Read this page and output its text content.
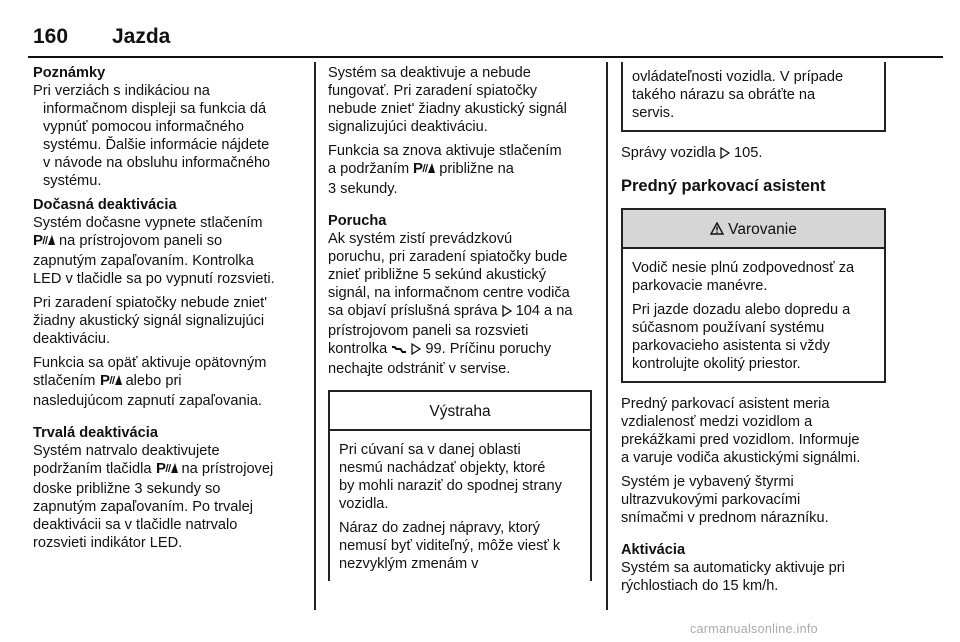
160 Jazda

Poznámky
Pri verziách s indikáciou na
informačnom displeji sa funkcia dá
vypnúť pomocou informačného
systému. Ďalšie informácie nájdete
v návode na obsluhu informačného
systému.

Dočasná deaktivácia
Systém dočasne vypnete stlačením
P na prístrojovom paneli so
zapnutým zapaľovaním. Kontrolka
LED v tlačidle sa po vypnutí rozsvieti.

Pri zaradení spiatočky nebude zniet'
žiadny akustický signál signalizujúci
deaktiváciu.

Funkcia sa opäť aktivuje opätovným
stlačením P alebo pri
nasledujúcom zapnutí zapaľovania.

Trvalá deaktivácia
Systém natrvalo deaktivujete
podržaním tlačidla P na prístrojovej
doske približne 3 sekundy so
zapnutým zapaľovaním. Po trvalej
deaktivácii sa v tlačidle natrvalo
rozsvieti indikátor LED.

Systém sa deaktivuje a nebude
fungovať. Pri zaradení spiatočky
nebude zniet' žiadny akustický signál
signalizujúci deaktiváciu.

Funkcia sa znova aktivuje stlačením
a podržaním P približne na
3 sekundy.

Porucha
Ak systém zistí prevádzkovú
poruchu, pri zaradení spiatočky bude
znieť približne 5 sekúnd akustický
signál, na informačnom centre vodiča
sa objaví príslušná správa  104 a na
prístrojovom paneli sa rozsvieti
kontrolka   99. Príčinu poruchy
nechajte odstrániť v servise.

Výstraha

Pri cúvaní sa v danej oblasti
nesmú nachádzať objekty, ktoré
by mohli naraziť do spodnej strany
vozidla.

Náraz do zadnej nápravy, ktorý
nemusí byť viditeľný, môže viesť k
nezvyklým zmenám v

ovládateľnosti vozidla. V prípade
takého nárazu sa obráťte na
servis.

Správy vozidla  105.

Predný parkovací asistent
Varovanie

Vodič nesie plnú zodpovednosť za
parkovacie manévre.

Pri jazde dozadu alebo dopredu a
súčasnom používaní systému
parkovacieho asistenta si vždy
kontrolujte okolitý priestor.

Predný parkovací asistent meria
vzdialenosť medzi vozidlom a
prekážkami pred vozidlom. Informuje
a varuje vodiča akustickými signálmi.

Systém je vybavený štyrmi
ultrazvukovými parkovacími
snímačmi v prednom nárazníku.

Aktivácia
Systém sa automaticky aktivuje pri
rýchlostiach do 15 km/h.

carmanualsonline.info
